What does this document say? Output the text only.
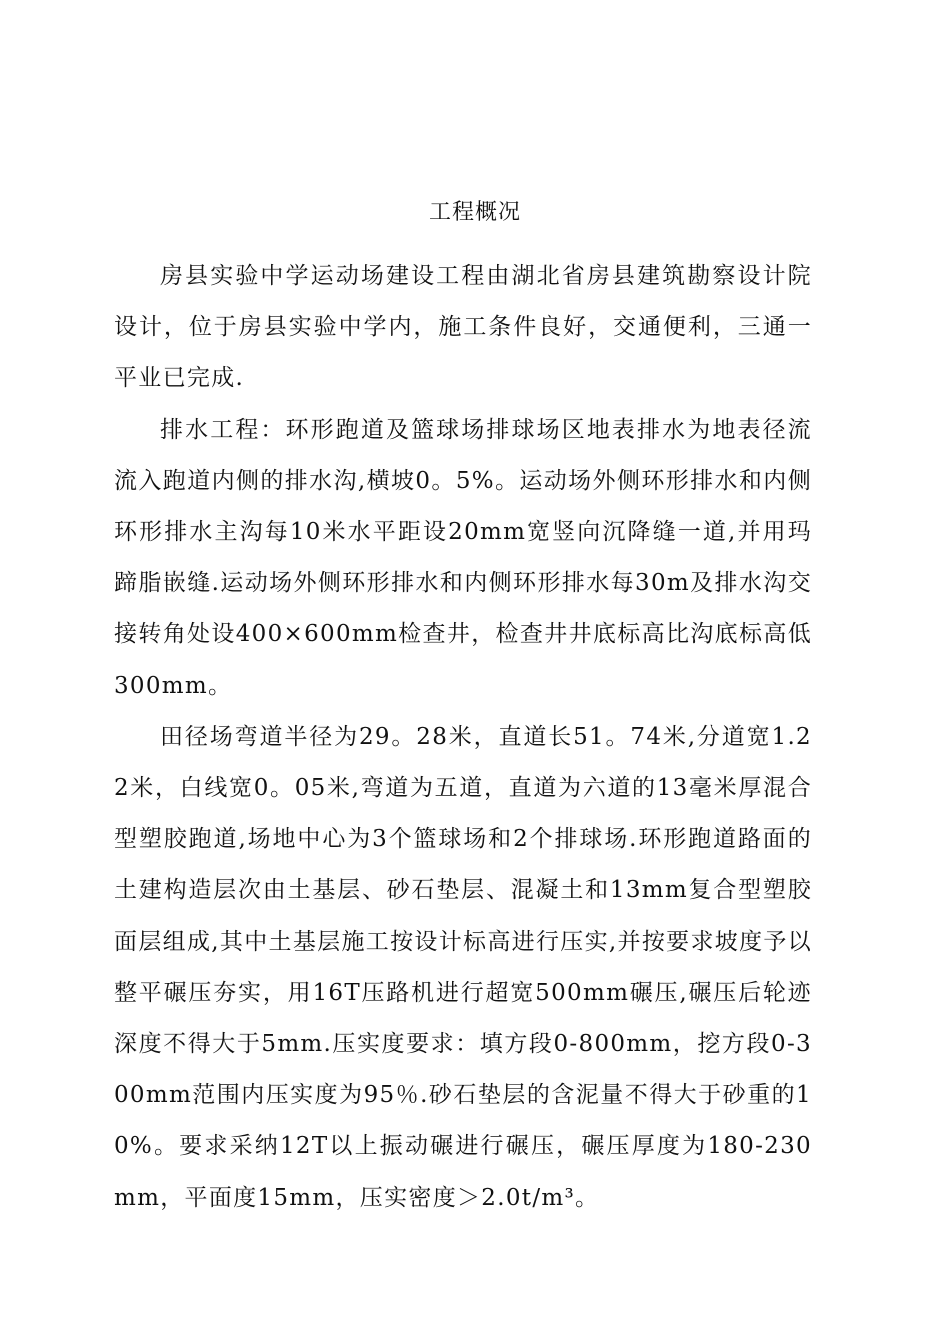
工程概况

房县实验中学运动场建设工程由湖北省房县建筑勘察设计院设计，位于房县实验中学内，施工条件良好，交通便利，三通一平业已完成.

排水工程：环形跑道及篮球场排球场区地表排水为地表径流流入跑道内侧的排水沟,横坡0。5%。运动场外侧环形排水和内侧环形排水主沟每10米水平距设20mm宽竖向沉降缝一道,并用玛蹄脂嵌缝.运动场外侧环形排水和内侧环形排水每30m及排水沟交接转角处设400×600mm检查井，检查井井底标高比沟底标高低300mm。

田径场弯道半径为29。28米，直道长51。74米,分道宽1.22米，白线宽0。05米,弯道为五道，直道为六道的13毫米厚混合型塑胶跑道,场地中心为3个篮球场和2个排球场.环形跑道路面的土建构造层次由土基层、砂石垫层、混凝土和13mm复合型塑胶面层组成,其中土基层施工按设计标高进行压实,并按要求坡度予以整平碾压夯实，用16T压路机进行超宽500mm碾压,碾压后轮迹深度不得大于5mm.压实度要求：填方段0-800mm，挖方段0-300mm范围内压实度为95％.砂石垫层的含泥量不得大于砂重的10%。要求采纳12T以上振动碾进行碾压，碾压厚度为180-230mm，平面度15mm，压实密度＞2.0t/m³。
